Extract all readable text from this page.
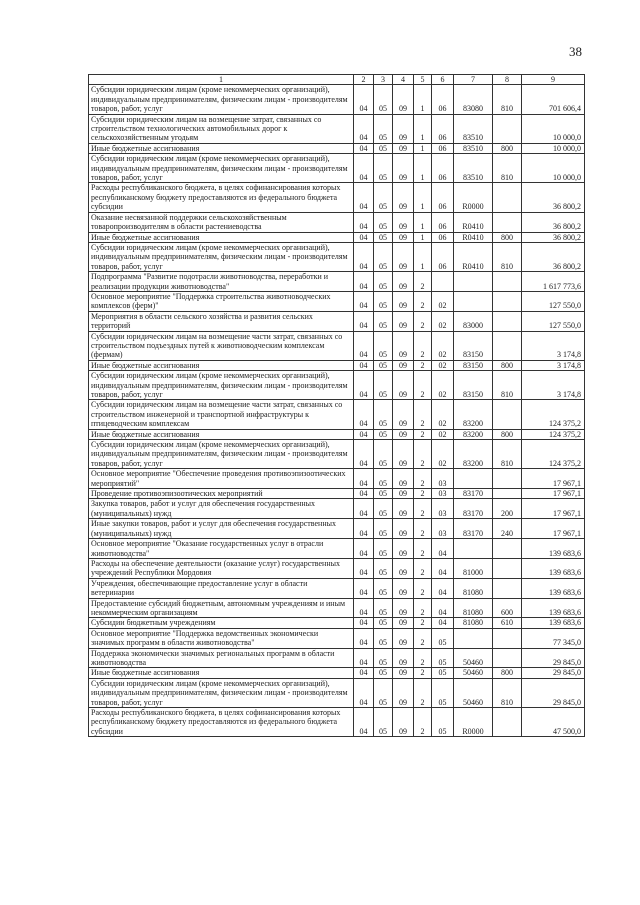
38
1	2	3	4	5	6	7	8	9
Субсидии юридическим лицам (кроме некоммерческих организаций), индивидуальным предпринимателям, физическим лицам - производителям товаров, работ, услуг	04	05	09	1	06	83080	810	701 606,4
Субсидии юридическим лицам на возмещение затрат, связанных со строительством технологических автомобильных дорог к сельскохозяйственным угодьям	04	05	09	1	06	83510		10 000,0
Иные бюджетные ассигнования	04	05	09	1	06	83510	800	10 000,0
Субсидии юридическим лицам (кроме некоммерческих организаций), индивидуальным предпринимателям, физическим лицам - производителям товаров, работ, услуг	04	05	09	1	06	83510	810	10 000,0
Расходы республиканского бюджета, в целях софинансирования которых республиканскому бюджету предоставляются из федерального бюджета субсидии	04	05	09	1	06	R0000		36 800,2
Оказание несвязанной поддержки сельскохозяйственным товаропроизводителям в области растениеводства	04	05	09	1	06	R0410		36 800,2
Иные бюджетные ассигнования	04	05	09	1	06	R0410	800	36 800,2
Субсидии юридическим лицам (кроме некоммерческих организаций), индивидуальным предпринимателям, физическим лицам - производителям товаров, работ, услуг	04	05	09	1	06	R0410	810	36 800,2
Подпрограмма "Развитие подотрасли животноводства, переработки и реализации продукции животноводства"	04	05	09	2				1 617 773,6
Основное мероприятие "Поддержка строительства животноводческих комплексов (ферм)"	04	05	09	2	02			127 550,0
Мероприятия в области сельского хозяйства и развития сельских территорий	04	05	09	2	02	83000		127 550,0
Субсидии юридическим лицам на возмещение части затрат, связанных со строительством подъездных путей к животноводческим комплексам (фермам)	04	05	09	2	02	83150		3 174,8
Иные бюджетные ассигнования	04	05	09	2	02	83150	800	3 174,8
Субсидии юридическим лицам (кроме некоммерческих организаций), индивидуальным предпринимателям, физическим лицам - производителям товаров, работ, услуг	04	05	09	2	02	83150	810	3 174,8
Субсидии юридическим лицам на возмещение части затрат, связанных со строительством инженерной и транспортной инфраструктуры к птицеводческим комплексам	04	05	09	2	02	83200		124 375,2
Иные бюджетные ассигнования	04	05	09	2	02	83200	800	124 375,2
Субсидии юридическим лицам (кроме некоммерческих организаций), индивидуальным предпринимателям, физическим лицам - производителям товаров, работ, услуг	04	05	09	2	02	83200	810	124 375,2
Основное мероприятие "Обеспечение проведения противоэпизоотических мероприятий"	04	05	09	2	03			17 967,1
Проведение противоэпизоотических мероприятий	04	05	09	2	03	83170		17 967,1
Закупка товаров, работ и услуг для обеспечения государственных (муниципальных) нужд	04	05	09	2	03	83170	200	17 967,1
Иные закупки товаров, работ и услуг для обеспечения государственных (муниципальных) нужд	04	05	09	2	03	83170	240	17 967,1
Основное мероприятие "Оказание государственных услуг в отрасли животноводства"	04	05	09	2	04			139 683,6
Расходы на обеспечение деятельности (оказание услуг) государственных учреждений Республики Мордовия	04	05	09	2	04	81000		139 683,6
Учреждения, обеспечивающие предоставление услуг в области ветеринарии	04	05	09	2	04	81080		139 683,6
Предоставление субсидий бюджетным, автономным учреждениям и иным некоммерческим организациям	04	05	09	2	04	81080	600	139 683,6
Субсидии бюджетным учреждениям	04	05	09	2	04	81080	610	139 683,6
Основное мероприятие "Поддержка ведомственных экономически значимых программ в области животноводства"	04	05	09	2	05			77 345,0
Поддержка экономически значимых региональных программ в области животноводства	04	05	09	2	05	50460		29 845,0
Иные бюджетные ассигнования	04	05	09	2	05	50460	800	29 845,0
Субсидии юридическим лицам (кроме некоммерческих организаций), индивидуальным предпринимателям, физическим лицам - производителям товаров, работ, услуг	04	05	09	2	05	50460	810	29 845,0
Расходы республиканского бюджета, в целях софинансирования которых республиканскому бюджету предоставляются из федерального бюджета субсидии	04	05	09	2	05	R0000		47 500,0
